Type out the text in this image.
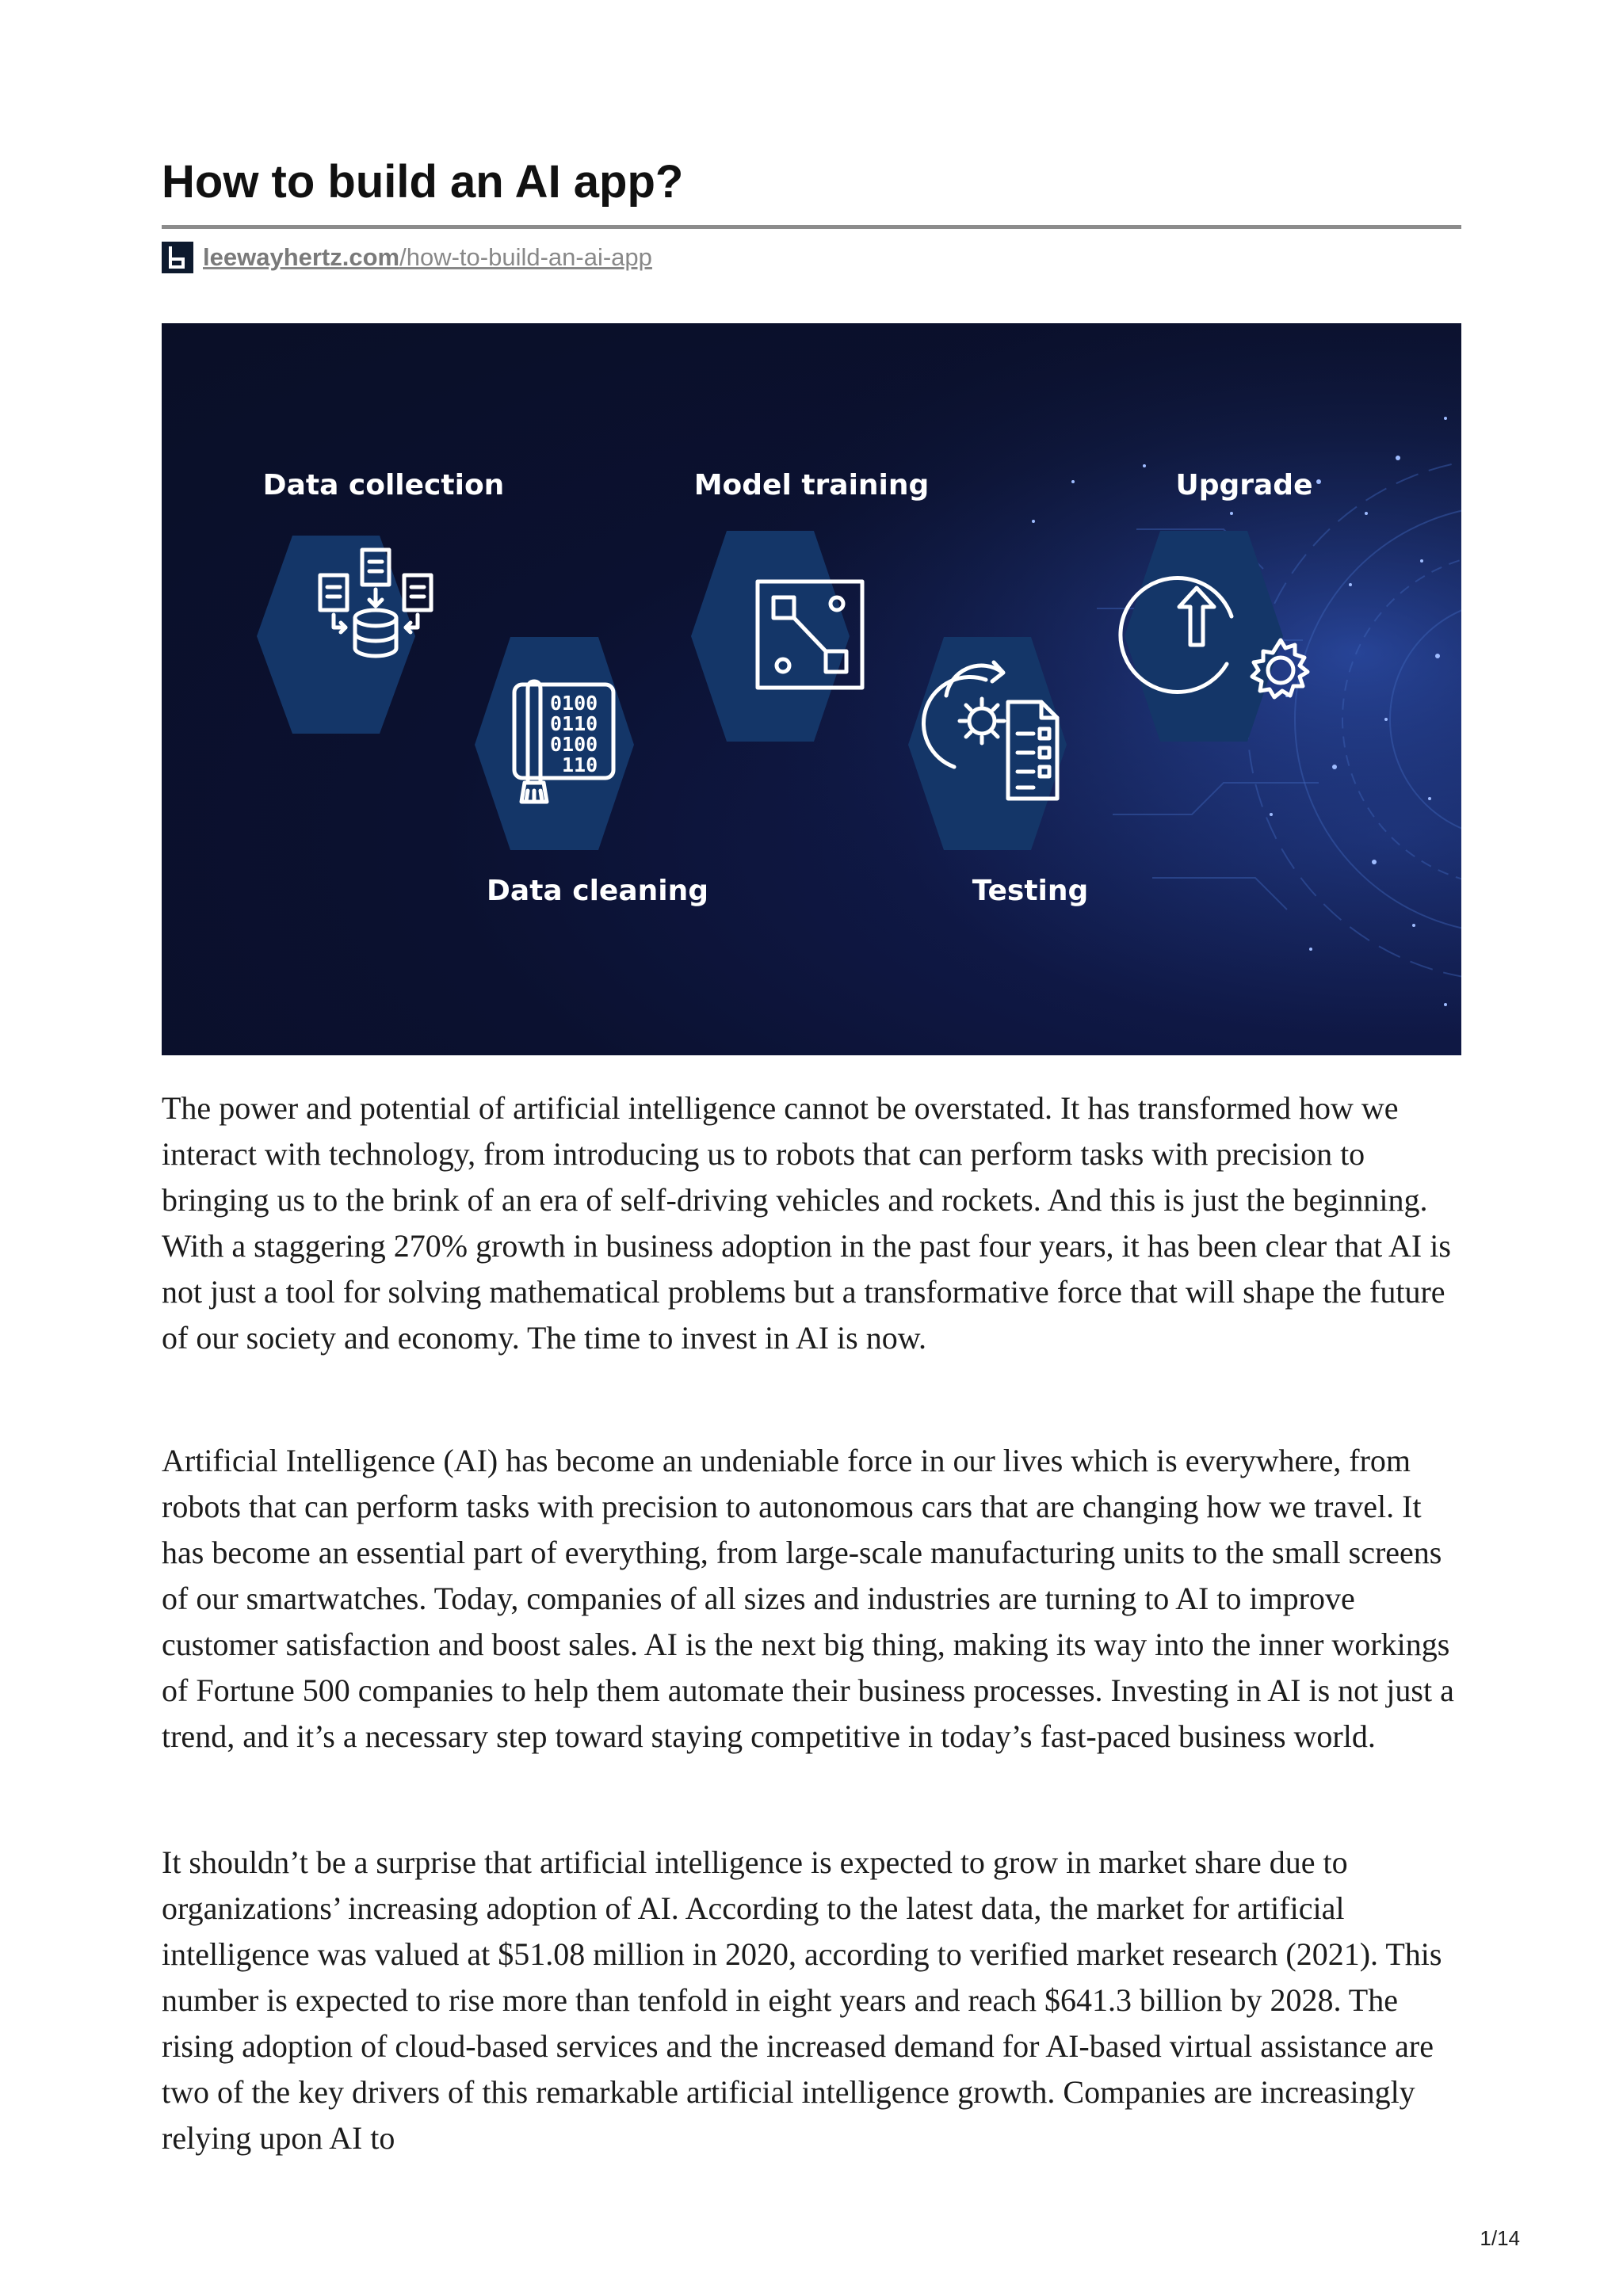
How to build an AI app?
leewayhertz.com/how-to-build-an-ai-app
0100
0110
0100
110
Data collection
Data cleaning
Model training
Testing
Upgrade

The power and potential of artificial intelligence cannot be overstated. It has transformed how we interact with technology, from introducing us to robots that can perform tasks with precision to bringing us to the brink of an era of self-driving vehicles and rockets. And this is just the beginning. With a staggering 270% growth in business adoption in the past four years, it has been clear that AI is not just a tool for solving mathematical problems but a transformative force that will shape the future of our society and economy. The time to invest in AI is now.

Artificial Intelligence (AI) has become an undeniable force in our lives which is everywhere, from robots that can perform tasks with precision to autonomous cars that are changing how we travel. It has become an essential part of everything, from large-scale manufacturing units to the small screens of our smartwatches. Today, companies of all sizes and industries are turning to AI to improve customer satisfaction and boost sales. AI is the next big thing, making its way into the inner workings of Fortune 500 companies to help them automate their business processes. Investing in AI is not just a trend, and it’s a necessary step toward staying competitive in today’s fast-paced business world.

It shouldn’t be a surprise that artificial intelligence is expected to grow in market share due to organizations’ increasing adoption of AI. According to the latest data, the market for artificial intelligence was valued at $51.08 million in 2020, according to verified market research (2021). This number is expected to rise more than tenfold in eight years and reach $641.3 billion by 2028. The rising adoption of cloud-based services and the increased demand for AI-based virtual assistance are two of the key drivers of this remarkable artificial intelligence growth. Companies are increasingly relying upon AI to

1/14
